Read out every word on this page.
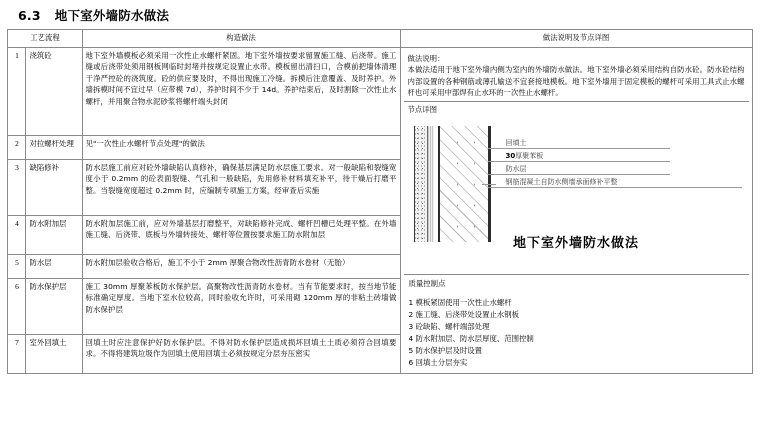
6.3 地下室外墙防水做法
工艺流程		构造做法	做法说明及节点详图
1	浇筑砼	地下室外墙模板必须采用一次性止水螺杆紧固。地下室外墙按要求留置施工缝、后浇带。施工缝或后浇带处须用钢板网临时封堵并按规定设置止水带。模板留出清扫口，合模前把墙体清理干净严控砼的浇筑度。砼的供应要及时，不得出现施工冷缝。拆模后注意覆盖、及时养护。外墙拆模时间不宜过早（应带模 7d），养护时间不少于 14d。养护结束后，及时割除一次性止水螺杆，并用聚合物水泥砂浆将螺杆端头封闭	
做法说明：
本做法适用于地下室外墙内侧为室内的外墙防水做法。地下室外墙必须采用结构自防水砼。防水砼结构内部设置的各种钢筋或薄孔输送不宜套接地模板。地下室外墙用于固定模板的螺杆可采用工具式止水螺杆也可采用中部焊有止水环的一次性止水螺杆。
节点详图
回填土
30厚聚苯板
防水层
钢筋混凝土自防水侧墙承面修补平整
地下室外墙防水做法
质量控制点
1 模板紧固使用一次性止水螺杆
2 施工缝、后浇带处设置止水钢板
3 砼缺陷、螺杆端部处理
4 防水附加层、防水层厚度、范围控制
5 防水保护层及时设置
6 回填土分层夯实

2	对拉螺杆处理	见"一次性止水螺杆节点处理"的做法	
3	缺陷修补	防水层施工前应对砼外墙缺陷认真修补，确保基层满足防水层施工要求。对一般缺陷和裂缝宽度小于 0.2mm 的砼表面裂缝、气孔和一般缺陷，先用修补材料填充补平，待干燥后打磨平整。当裂缝宽度超过 0.2mm 时，应编制专项施工方案，经审查后实施	
4	防水附加层	防水附加层施工前，应对外墙基层打磨整平，对缺陷修补完成、螺杆凹槽已处理平整。在外墙施工缝、后浇带、底板与外墙转接处、螺杆等位置按要求施工防水附加层	
5	防水层	防水附加层验收合格后，施工不小于 2mm 厚聚合物改性沥青防水卷材（无胎）	
6	防水保护层	施工 30mm 厚聚苯板防水保护层。高聚物改性沥青防水卷材。当有节能要求时，按当地节能标准确定厚度。当地下室水位较高，同时验收允许时，可采用砌 120mm 厚的非粘土砖墙做防水保护层	
7	室外回填土	回填土时应注意保护好防水保护层。不得对防水保护层造成损坏回填土土质必须符合回填要求。不得将建筑垃圾作为回填土使用回填土必须按规定分层夯压密实	
